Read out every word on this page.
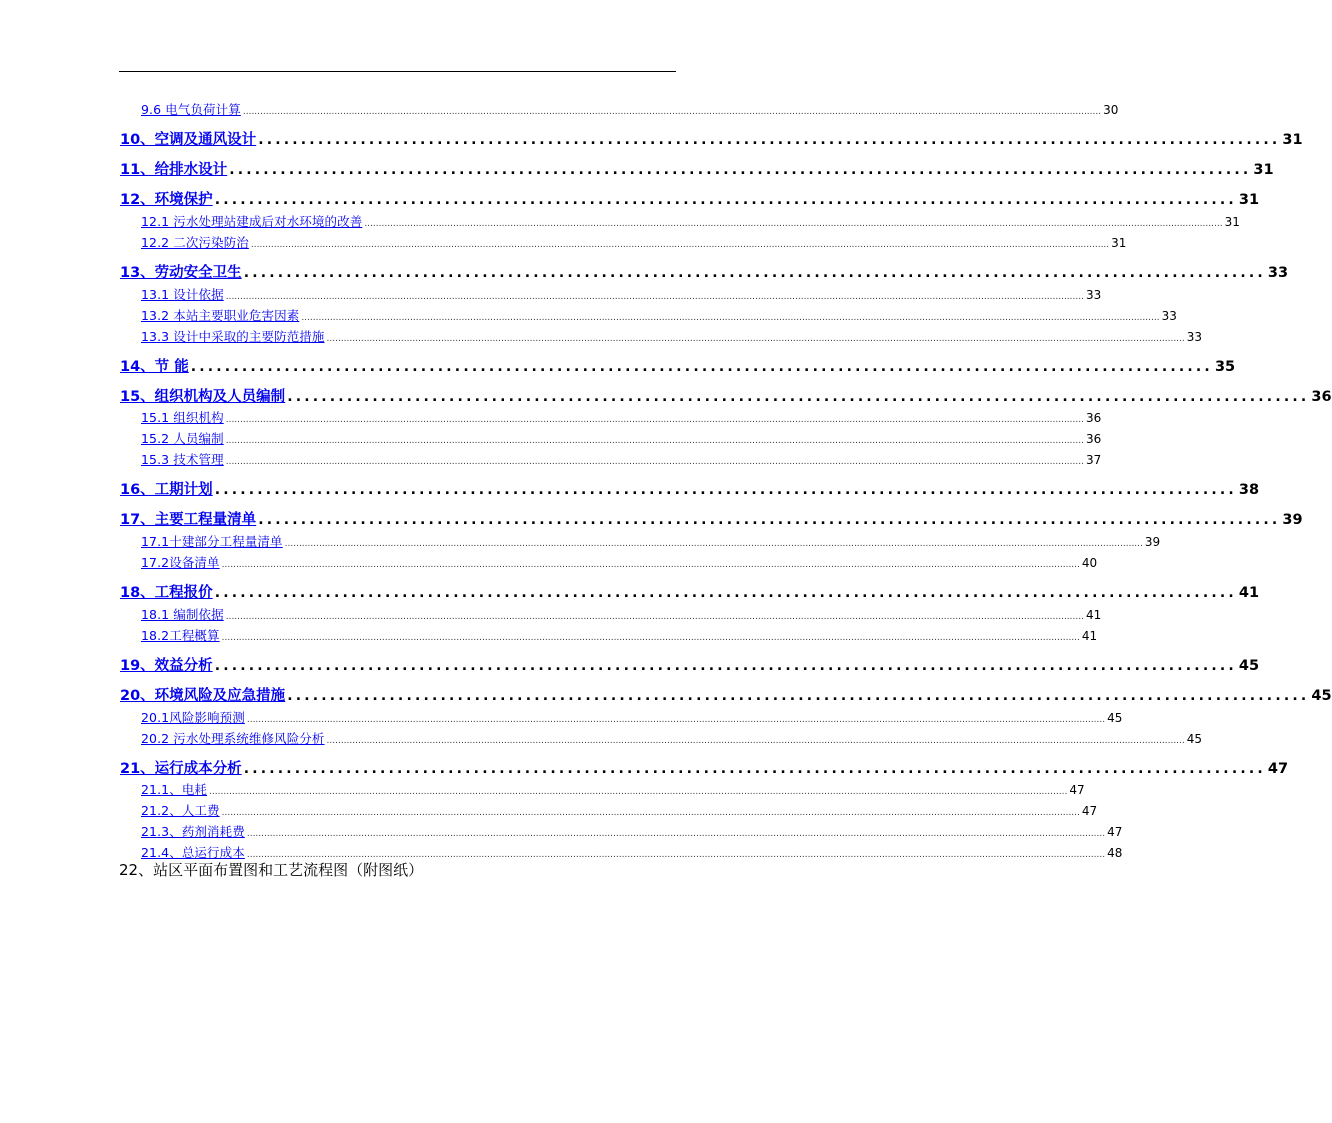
9.6 电气负荷计算 ............................................................................................................................................................................................................................................................................................................ 30
10、空调及通风设计 ........................................................................................................................ 31
11、给排水设计 ........................................................................................................................ 31
12、环境保护 ........................................................................................................................ 31
12.1 污水处理站建成后对水环境的改善 ............................................................................................................................................................................................................................................................................................................ 31
12.2 二次污染防治 ............................................................................................................................................................................................................................................................................................................ 31
13、劳动安全卫生 ........................................................................................................................ 33
13.1 设计依据 ............................................................................................................................................................................................................................................................................................................ 33
13.2 本站主要职业危害因素 ............................................................................................................................................................................................................................................................................................................ 33
13.3 设计中采取的主要防范措施 ............................................................................................................................................................................................................................................................................................................ 33
14、节 能 ........................................................................................................................ 35
15、组织机构及人员编制 ........................................................................................................................ 36
15.1 组织机构 ............................................................................................................................................................................................................................................................................................................ 36
15.2 人员编制 ............................................................................................................................................................................................................................................................................................................ 36
15.3 技术管理 ............................................................................................................................................................................................................................................................................................................ 37
16、工期计划 ........................................................................................................................ 38
17、主要工程量清单 ........................................................................................................................ 39
17.1十建部分工程量清单 ............................................................................................................................................................................................................................................................................................................ 39
17.2设备清单 ............................................................................................................................................................................................................................................................................................................ 40
18、工程报价 ........................................................................................................................ 41
18.1 编制依据 ............................................................................................................................................................................................................................................................................................................ 41
18.2工程概算 ............................................................................................................................................................................................................................................................................................................ 41
19、效益分析 ........................................................................................................................ 45
20、环境风险及应急措施 ........................................................................................................................ 45
20.1风险影响预测 ............................................................................................................................................................................................................................................................................................................ 45
20.2 污水处理系统维修风险分析 ............................................................................................................................................................................................................................................................................................................ 45
21、运行成本分析 ........................................................................................................................ 47
21.1、电耗 ............................................................................................................................................................................................................................................................................................................ 47
21.2、人工费 ............................................................................................................................................................................................................................................................................................................ 47
21.3、药剂消耗费 ............................................................................................................................................................................................................................................................................................................ 47
21.4、总运行成本 ............................................................................................................................................................................................................................................................................................................ 48
22、站区平面布置图和工艺流程图（附图纸）
